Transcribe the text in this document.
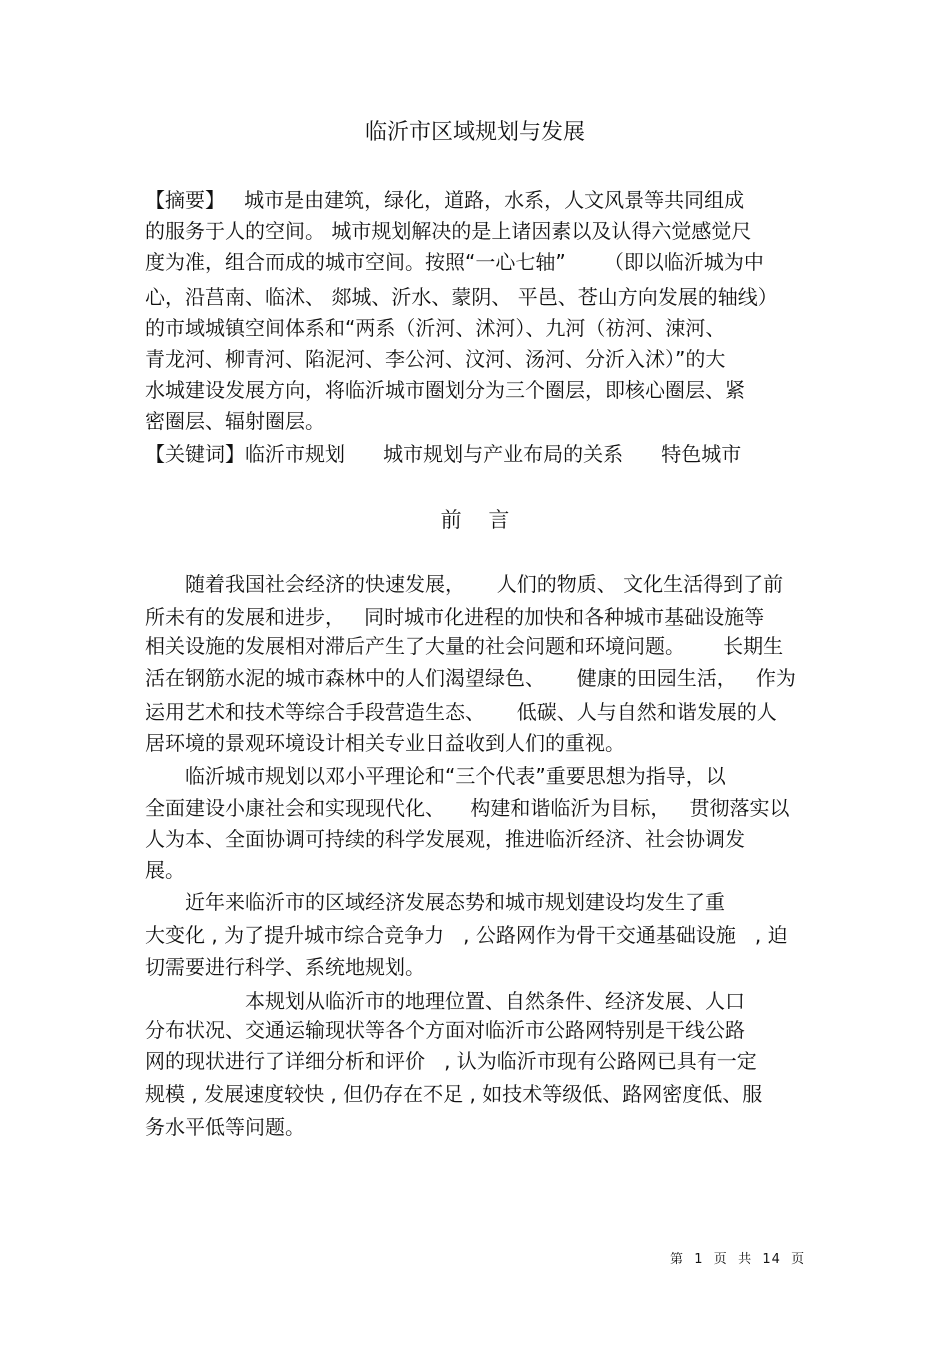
临沂市区域规划与发展
【摘要】   城市是由建筑，绿化，道路，水系，人文风景等共同组成
的服务于人的空间。 城市规划解决的是上诸因素以及认得六觉感觉尺
度为准，组合而成的城市空间。按照“一心七轴”      （即以临沂城为中
心，沿莒南、临沭、 郯城、沂水、蒙阴、 平邑、苍山方向发展的轴线）
的市域城镇空间体系和“两系（沂河、沭河）、九河（祊河、涑河、
青龙河、柳青河、陷泥河、李公河、汶河、汤河、分沂入沭）”的大
水城建设发展方向，将临沂城市圈划分为三个圈层，即核心圈层、紧
密圈层、辐射圈层。
【关键词】临沂市规划      城市规划与产业布局的关系      特色城市
前    言
随着我国社会经济的快速发展，     人们的物质、 文化生活得到了前
所未有的发展和进步，   同时城市化进程的加快和各种城市基础设施等
相关设施的发展相对滞后产生了大量的社会问题和环境问题。      长期生
活在钢筋水泥的城市森林中的人们渴望绿色、     健康的田园生活，   作为
运用艺术和技术等综合手段营造生态、     低碳、人与自然和谐发展的人
居环境的景观环境设计相关专业日益收到人们的重视。
临沂城市规划以邓小平理论和“三个代表”重要思想为指导，以
全面建设小康社会和实现现代化、    构建和谐临沂为目标，   贯彻落实以
人为本、全面协调可持续的科学发展观，推进临沂经济、社会协调发
展。
近年来临沂市的区域经济发展态势和城市规划建设均发生了重
大变化 , 为了提升城市综合竞争力   , 公路网作为骨干交通基础设施   , 迫
切需要进行科学、系统地规划。
本规划从临沂市的地理位置、自然条件、经济发展、人口
分布状况、交通运输现状等各个方面对临沂市公路网特别是干线公路
网的现状进行了详细分析和评价   , 认为临沂市现有公路网已具有一定
规模 , 发展速度较快 , 但仍存在不足 , 如技术等级低、路网密度低、服
务水平低等问题。
第  1  页  共  14  页
